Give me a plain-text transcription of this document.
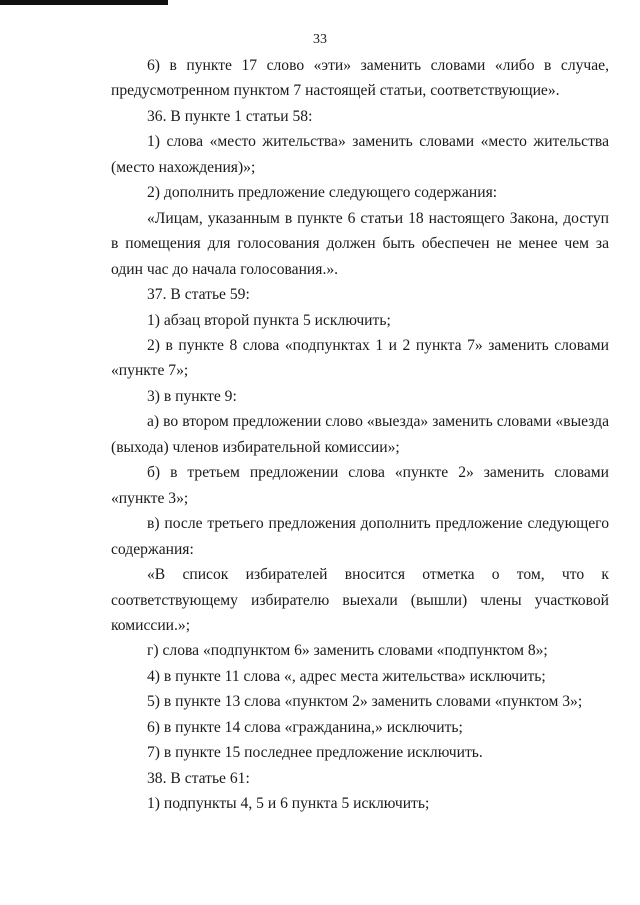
33

6) в пункте 17 слово «эти» заменить словами «либо в случае, предусмотренном пунктом 7 настоящей статьи, соответствующие».

36. В пункте 1 статьи 58:

1) слова «место жительства» заменить словами «место жительства (место нахождения)»;

2) дополнить предложение следующего содержания:

«Лицам, указанным в пункте 6 статьи 18 настоящего Закона, доступ в помещения для голосования должен быть обеспечен не менее чем за один час до начала голосования.».

37. В статье 59:

1) абзац второй пункта 5 исключить;

2) в пункте 8 слова «подпунктах 1 и 2 пункта 7» заменить словами «пункте 7»;

3) в пункте 9:

а) во втором предложении слово «выезда» заменить словами «выезда (выхода) членов избирательной комиссии»;

б) в третьем предложении слова «пункте 2» заменить словами «пункте 3»;

в) после третьего предложения дополнить предложение следующего содержания:

«В список избирателей вносится отметка о том, что к соответствующему избирателю выехали (вышли) члены участковой комиссии.»;

г) слова «подпунктом 6» заменить словами «подпунктом 8»;

4) в пункте 11 слова «, адрес места жительства» исключить;

5) в пункте 13 слова «пунктом 2» заменить словами «пунктом 3»;

6) в пункте 14 слова «гражданина,» исключить;

7) в пункте 15 последнее предложение исключить.

38. В статье 61:

1) подпункты 4, 5 и 6 пункта 5 исключить;
